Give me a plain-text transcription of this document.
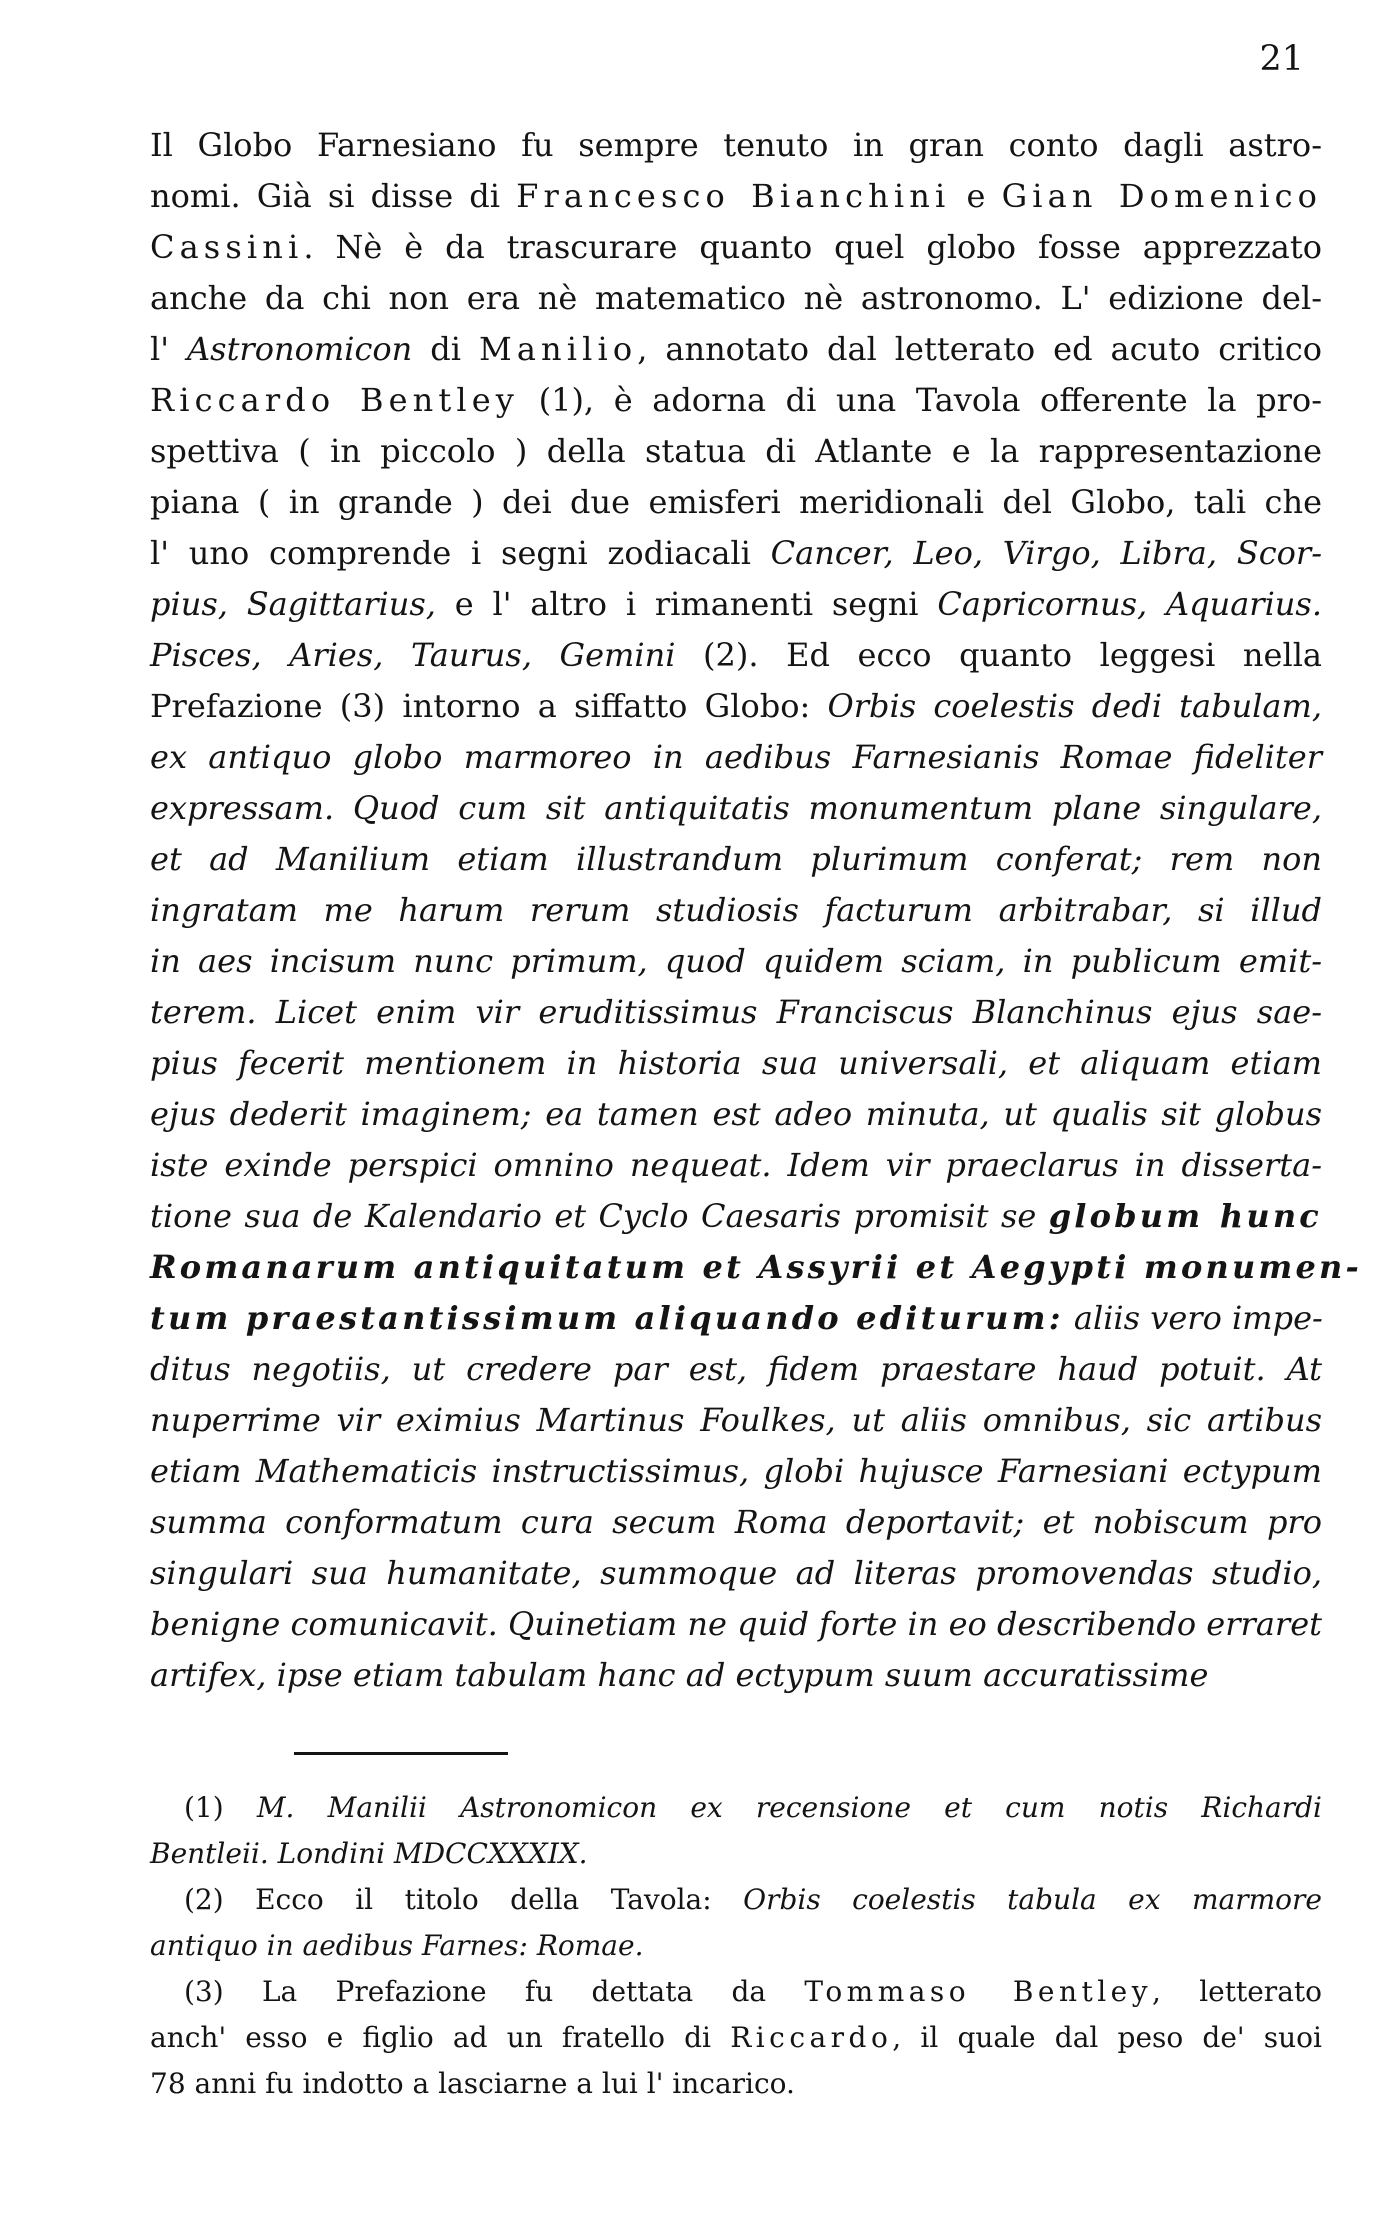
21
Il Globo Farnesiano fu sempre tenuto in gran conto dagli astro-
nomi. Già si disse di Francesco Bianchini e Gian Domenico
Cassini. Nè è da trascurare quanto quel globo fosse apprezzato
anche da chi non era nè matematico nè astronomo. L' edizione del-
l' Astronomicon di Manilio, annotato dal letterato ed acuto critico
Riccardo Bentley (1), è adorna di una Tavola offerente la pro-
spettiva ( in piccolo ) della statua di Atlante e la rappresentazione
piana ( in grande ) dei due emisferi meridionali del Globo, tali che
l' uno comprende i segni zodiacali Cancer, Leo, Virgo, Libra, Scor-
pius, Sagittarius, e l' altro i rimanenti segni Capricornus, Aquarius.
Pisces, Aries, Taurus, Gemini (2). Ed ecco quanto leggesi nella
Prefazione (3) intorno a siffatto Globo: Orbis coelestis dedi tabulam,
ex antiquo globo marmoreo in aedibus Farnesianis Romae fideliter
expressam. Quod cum sit antiquitatis monumentum plane singulare,
et ad Manilium etiam illustrandum plurimum conferat; rem non
ingratam me harum rerum studiosis facturum arbitrabar, si illud
in aes incisum nunc primum, quod quidem sciam, in publicum emit-
terem. Licet enim vir eruditissimus Franciscus Blanchinus ejus sae-
pius fecerit mentionem in historia sua universali, et aliquam etiam
ejus dederit imaginem; ea tamen est adeo minuta, ut qualis sit globus
iste exinde perspici omnino nequeat. Idem vir praeclarus in disserta-
tione sua de Kalendario et Cyclo Caesaris promisit se globum hunc
Romanarum antiquitatum et Assyrii et Aegypti monumen-
tum praestantissimum aliquando editurum: aliis vero impe-
ditus negotiis, ut credere par est, fidem praestare haud potuit. At
nuperrime vir eximius Martinus Foulkes, ut aliis omnibus, sic artibus
etiam Mathematicis instructissimus, globi hujusce Farnesiani ectypum
summa conformatum cura secum Roma deportavit; et nobiscum pro
singulari sua humanitate, summoque ad literas promovendas studio,
benigne comunicavit. Quinetiam ne quid forte in eo describendo erraret
artifex, ipse etiam tabulam hanc ad ectypum suum accuratissime
(1) M. Manilii Astronomicon ex recensione et cum notis Richardi
Bentleii. Londini MDCCXXXIX.
(2) Ecco il titolo della Tavola: Orbis coelestis tabula ex marmore
antiquo in aedibus Farnes: Romae.
(3) La Prefazione fu dettata da Tommaso Bentley, letterato
anch' esso e figlio ad un fratello di Riccardo, il quale dal peso de' suoi
78 anni fu indotto a lasciarne a lui l' incarico.
